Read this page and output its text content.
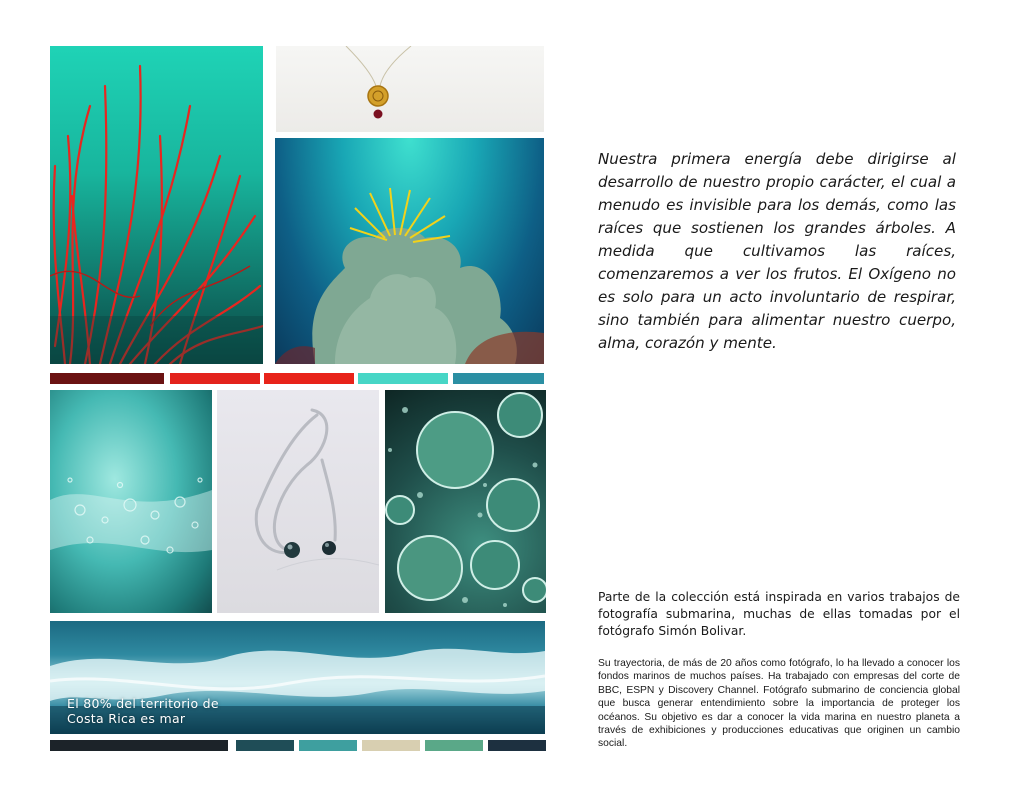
El 80% del territorio de
Costa Rica es mar

Nuestra primera energía debe dirigirse al desarrollo de nuestro propio carácter, el cual a menudo es invisible para los demás, como las raíces que sostienen los grandes árboles. A medida que cultivamos las raíces, comenzaremos a ver los frutos. El Oxígeno no es solo para un acto involuntario de respirar, sino también para alimentar nuestro cuerpo, alma, corazón y mente.

Parte de la colección está inspirada en varios trabajos de fotografía submarina, muchas de ellas tomadas por el fotógrafo Simón Bolivar.

Su trayectoria, de más de 20 años como fotógrafo, lo ha llevado a conocer los fondos marinos de muchos países. Ha trabajado con empresas del corte de BBC, ESPN y Discovery Channel. Fotógrafo submarino de conciencia global que busca generar entendimiento sobre la importancia de proteger los océanos. Su objetivo es dar a conocer la vida marina en nuestro planeta a través de exhibiciones y producciones educativas que originen un cambio social.
